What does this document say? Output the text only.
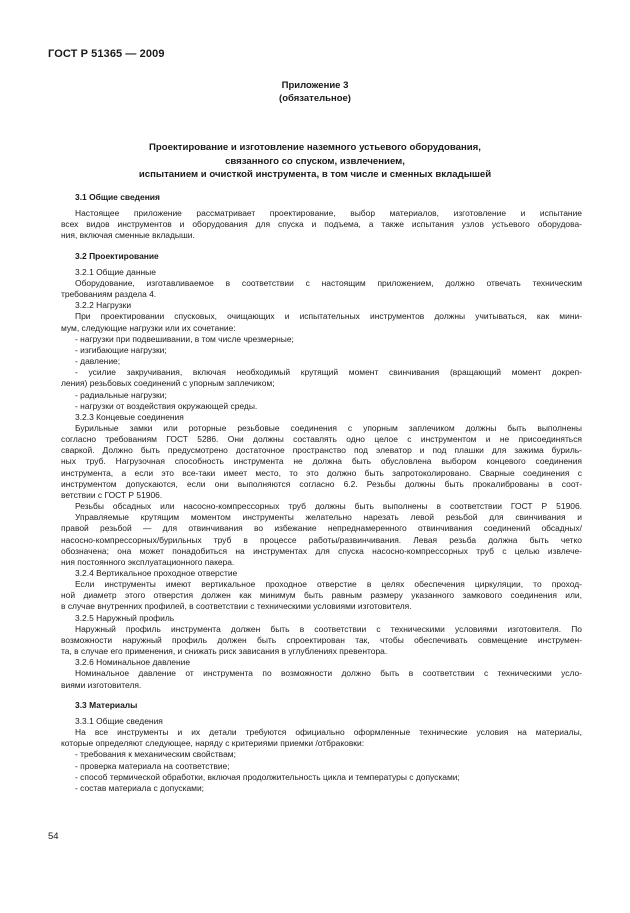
ГОСТ Р 51365 — 2009
Приложение 3
(обязательное)
Проектирование и изготовление наземного устьевого оборудования,
связанного со спуском, извлечением,
испытанием и очисткой инструмента, в том числе и сменных вкладышей
3.1 Общие сведения
Настоящее приложение рассматривает проектирование, выбор материалов, изготовление и испытание
всех видов инструментов и оборудования для спуска и подъема, а также испытания узлов устьевого оборудова-
ния, включая сменные вкладыши.
3.2 Проектирование
3.2.1 Общие данные
Оборудование, изготавливаемое в соответствии с настоящим приложением, должно отвечать техническим
требованиям раздела 4.
3.2.2 Нагрузки
При проектировании спусковых, очищающих и испытательных инструментов должны учитываться, как мини-
мум, следующие нагрузки или их сочетание:
- нагрузки при подвешивании, в том числе чрезмерные;
- изгибающие нагрузки;
- давление;
- усилие закручивания, включая необходимый крутящий момент свинчивания (вращающий момент докреп-
ления) резьбовых соединений с упорным заплечиком;
- радиальные нагрузки;
- нагрузки от воздействия окружающей среды.
3.2.3 Концевые соединения
Бурильные замки или роторные резьбовые соединения с упорным заплечиком должны быть выполнены
согласно требованиям ГОСТ 5286. Они должны составлять одно целое с инструментом и не присоединяться
сваркой. Должно быть предусмотрено достаточное пространство под элеватор и под плашки для зажима буриль-
ных труб. Нагрузочная способность инструмента не должна быть обусловлена выбором концевого соединения
инструмента, а если это все-таки имеет место, то это должно быть запротоколировано. Сварные соединения с
инструментом допускаются, если они выполняются согласно 6.2. Резьбы должны быть прокалиброваны в соот-
ветствии с ГОСТ Р 51906.
Резьбы обсадных или насосно-компрессорных труб должны быть выполнены в соответствии ГОСТ Р 51906.
Управляемые крутящим моментом инструменты желательно нарезать левой резьбой для свинчивания и
правой резьбой — для отвинчивания во избежание непреднамеренного отвинчивания соединений обсадных/
насосно-компрессорных/бурильных труб в процессе работы/развинчивания. Левая резьба должна быть четко
обозначена; она может понадобиться на инструментах для спуска насосно-компрессорных труб с целью извлече-
ния постоянного эксплуатационного пакера.
3.2.4 Вертикальное проходное отверстие
Если инструменты имеют вертикальное проходное отверстие в целях обеспечения циркуляции, то проход-
ной диаметр этого отверстия должен как минимум быть равным размеру указанного замкового соединения или,
в случае внутренних профилей, в соответствии с техническими условиями изготовителя.
3.2.5 Наружный профиль
Наружный профиль инструмента должен быть в соответствии с техническими условиями изготовителя. По
возможности наружный профиль должен быть спроектирован так, чтобы обеспечивать совмещение инструмен-
та, в случае его применения, и снижать риск зависания в углублениях превентора.
3.2.6 Номинальное давление
Номинальное давление от инструмента по возможности должно быть в соответствии с техническими усло-
виями изготовителя.
3.3 Материалы
3.3.1 Общие сведения
На все инструменты и их детали требуются официально оформленные технические условия на материалы,
которые определяют следующее, наряду с критериями приемки /отбраковки:
- требования к механическим свойствам;
- проверка материала на соответствие;
- способ термической обработки, включая продолжительность цикла и температуры с допусками;
- состав материала с допусками;
54
